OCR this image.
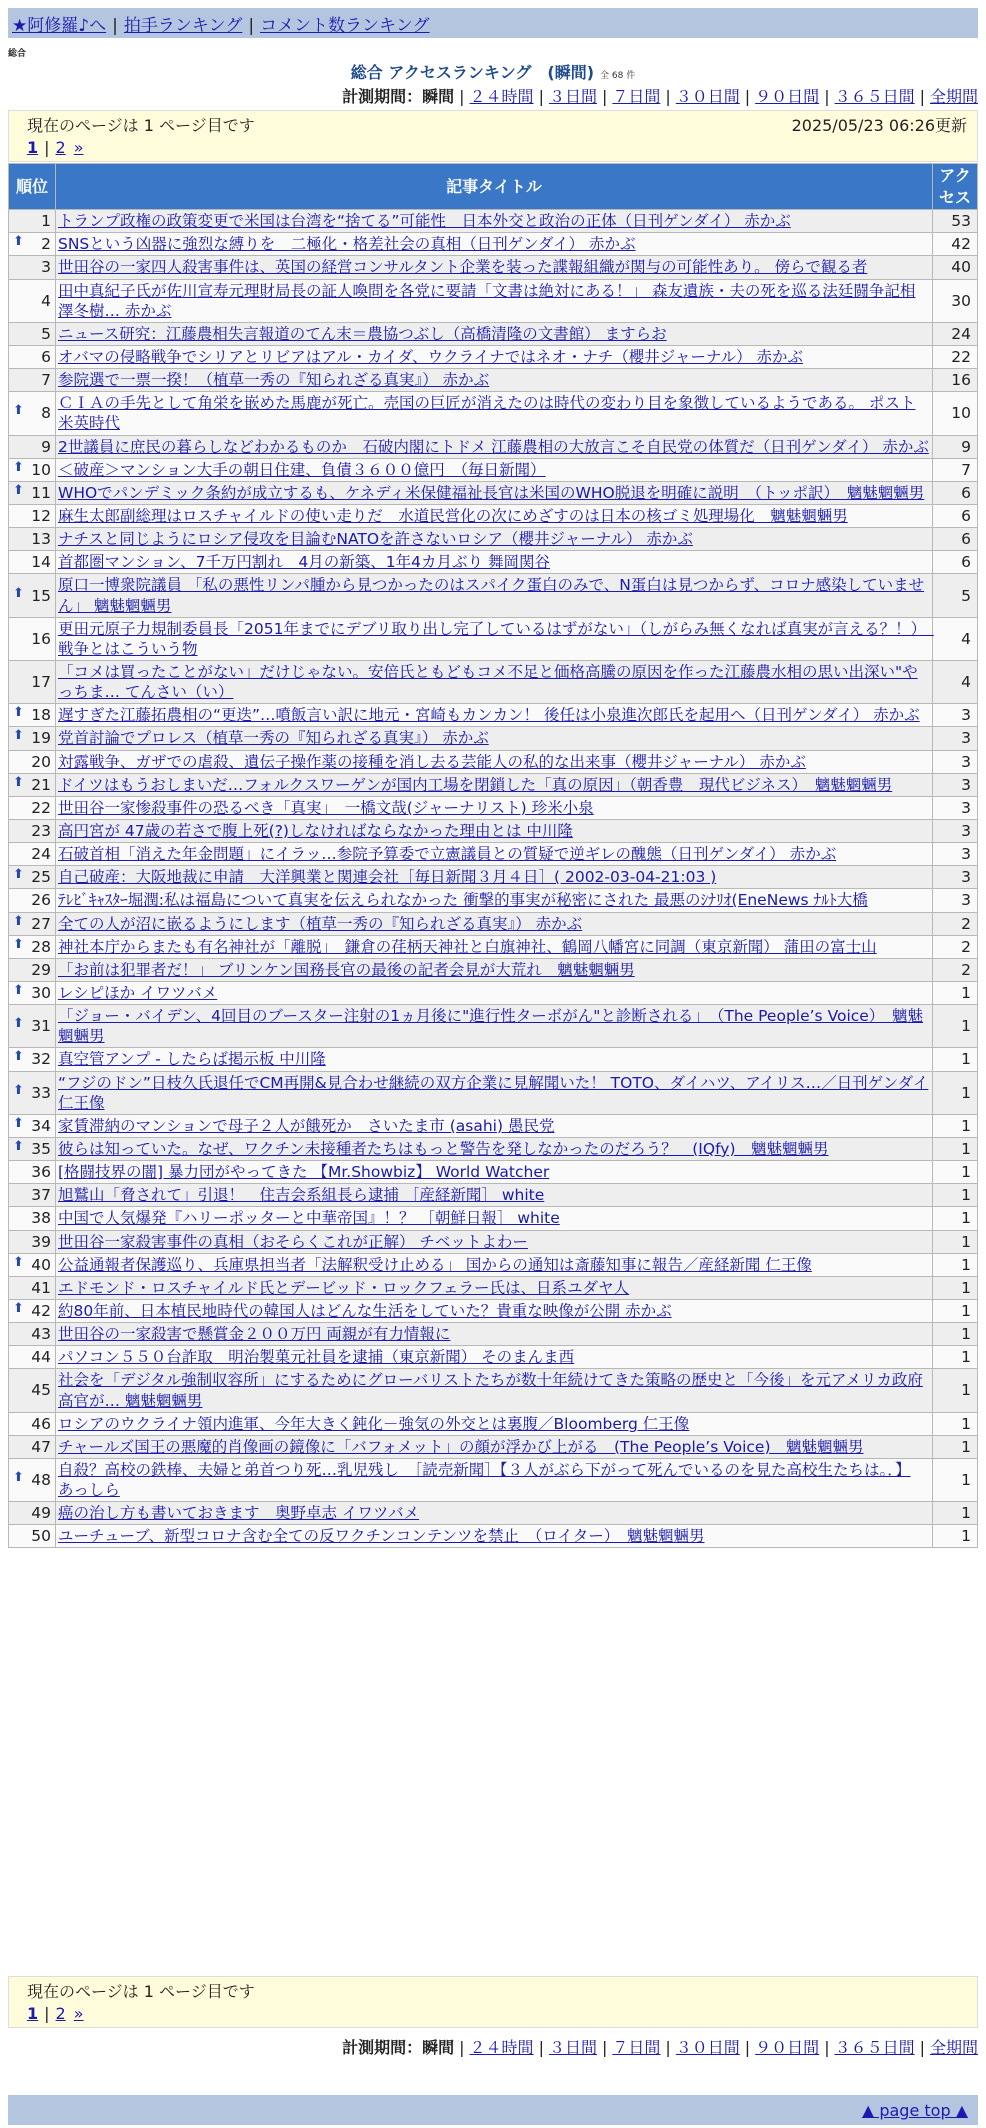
★阿修羅♪へ | 拍手ランキング | コメント数ランキング
総合
総合 アクセスランキング　(瞬間) 全 68 件
計測期間：瞬間 | ２４時間 | ３日間 | ７日間 | ３０日間 | ９０日間 | ３６５日間 | 全期間
現在のページは 1 ページ目です	2025/05/23 06:26更新
1 | 2 »
順位	記事タイトル	アクセス
1	トランプ政権の政策変更で米国は台湾を“捨てる”可能性　日本外交と政治の正体（日刊ゲンダイ） 赤かぶ	53

⬆ 2	SNSという凶器に強烈な縛りを　二極化・格差社会の真相（日刊ゲンダイ） 赤かぶ	42
3	世田谷の一家四人殺害事件は、英国の経営コンサルタント企業を装った諜報組織が関与の可能性あり。 傍らで観る者	40
4	田中真紀子氏が佐川宣寿元理財局長の証人喚問を各党に要請「文書は絶対にある！」 森友遺族・夫の死を巡る法廷闘争記相澤冬樹… 赤かぶ	30
5	ニュース研究：江藤農相失言報道のてん末＝農協つぶし（高橋清隆の文書館） ますらお	24
6	オバマの侵略戦争でシリアとリビアはアル・カイダ、ウクライナではネオ・ナチ（櫻井ジャーナル） 赤かぶ	22
7	参院選で一票一揆！（植草一秀の『知られざる真実』） 赤かぶ	16

⬆ 8	ＣＩＡの手先として角栄を嵌めた馬鹿が死亡。売国の巨匠が消えたのは時代の変わり目を象徴しているようである。 ポスト米英時代	10
9	2世議員に庶民の暮らしなどわかるものか　石破内閣にトドメ 江藤農相の大放言こそ自民党の体質だ（日刊ゲンダイ） 赤かぶ	9

⬆ 10	＜破産＞マンション大手の朝日住建、負債３６００億円　（毎日新聞）	7

⬆ 11	WHOでパンデミック条約が成立するも、ケネディ米保健福祉長官は米国のWHO脱退を明確に説明　（トッポ訳）　魑魅魍魎男	6
12	麻生太郎副総理はロスチャイルドの使い走りだ　水道民営化の次にめざすのは日本の核ゴミ処理場化　魑魅魍魎男	6
13	ナチスと同じようにロシア侵攻を目論むNATOを許さないロシア（櫻井ジャーナル） 赤かぶ	6
14	首都圏マンション、7千万円割れ　4月の新築、1年4カ月ぶり 舞岡関谷	6

⬆ 15	原口一博衆院議員 「私の悪性リンパ腫から見つかったのはスパイク蛋白のみで、N蛋白は見つからず、コロナ感染していません」 魑魅魍魎男	5
16	更田元原子力規制委員長「2051年までにデブリ取り出し完了しているはずがない」（しがらみ無くなれば真実が言える？！）　戦争とはこういう物	4
17	「コメは買ったことがない」だけじゃない。安倍氏ともどもコメ不足と価格高騰の原因を作った江藤農水相の思い出深い"やっちま… てんさい（い）	4

⬆ 18	遅すぎた江藤拓農相の“更迭”…噴飯言い訳に地元・宮崎もカンカン！ 後任は小泉進次郎氏を起用へ（日刊ゲンダイ） 赤かぶ	3

⬆ 19	党首討論でプロレス（植草一秀の『知られざる真実』） 赤かぶ	3
20	対露戦争、ガザでの虐殺、遺伝子操作薬の接種を消し去る芸能人の私的な出来事（櫻井ジャーナル） 赤かぶ	3

⬆ 21	ドイツはもうおしまいだ…フォルクスワーゲンが国内工場を閉鎖した「真の原因」（朝香豊　現代ビジネス）　魑魅魍魎男	3
22	世田谷一家惨殺事件の恐るべき「真実」　一橋文哉(ジャーナリスト) 珍米小泉	3
23	高円宮が 47歳の若さで腹上死(?)しなければならなかった理由とは 中川隆	3
24	石破首相「消えた年金問題」にイラッ…参院予算委で立憲議員との質疑で逆ギレの醜態（日刊ゲンダイ） 赤かぶ	3

⬆ 25	自己破産：大阪地裁に申請　大洋興業と関連会社［毎日新聞３月４日］( 2002-03-04-21:03 )	3
26	ﾃﾚﾋﾞｷｬｽﾀｰ堀潤:私は福島について真実を伝えられなかった 衝撃的事実が秘密にされた 最悪のｼﾅﾘｵ(EneNews ﾅﾙﾄ大橋	3

⬆ 27	全ての人が沼に嵌るようにします（植草一秀の『知られざる真実』） 赤かぶ	2

⬆ 28	神社本庁からまたも有名神社が「離脱」　鎌倉の荏柄天神社と白旗神社、鶴岡八幡宮に同調（東京新聞） 蒲田の富士山	2
29	「お前は犯罪者だ！」 ブリンケン国務長官の最後の記者会見が大荒れ　魑魅魍魎男	2

⬆ 30	レシピほか イワツバメ	1

⬆ 31	「ジョー・バイデン、4回目のブースター注射の1ヵ月後に"進行性ターボがん"と診断される」　（The People’s Voice）　魑魅魍魎男	1

⬆ 32	真空管アンプ - したらば掲示板 中川隆	1

⬆ 33	“フジのドン”日枝久氏退任でCM再開&見合わせ継続の双方企業に見解聞いた！ TOTO、ダイハツ、アイリス…／日刊ゲンダイ 仁王像	1

⬆ 34	家賃滞納のマンションで母子２人が餓死か　さいたま市 (asahi) 愚民党	1

⬆ 35	彼らは知っていた。なぜ、ワクチン未接種者たちはもっと警告を発しなかったのだろう？　(IQfy)　魑魅魍魎男	1
36	[格闘技界の闇] 暴力団がやってきた 【Mr.Showbiz】 World Watcher	1
37	旭鷲山「脅されて」引退！　住吉会系組長ら逮捕 ［産経新聞］ white	1
38	中国で人気爆発『ハリーポッターと中華帝国』！？ ［朝鮮日報］ white	1
39	世田谷一家殺害事件の真相（おそらくこれが正解） チベットよわー	1

⬆ 40	公益通報者保護巡り、兵庫県担当者「法解釈受け止める」 国からの通知は斎藤知事に報告／産経新聞 仁王像	1
41	エドモンド・ロスチャイルド氏とデービッド・ロックフェラー氏は、日系ユダヤ人	1

⬆ 42	約80年前、日本植民地時代の韓国人はどんな生活をしていた？貴重な映像が公開 赤かぶ	1
43	世田谷の一家殺害で懸賞金２００万円 両親が有力情報に	1
44	パソコン５５０台詐取　明治製菓元社員を逮捕（東京新聞） そのまんま西	1
45	社会を「デジタル強制収容所」にするためにグローバリストたちが数十年続けてきた策略の歴史と「今後」を元アメリカ政府高官が… 魑魅魍魎男	1
46	ロシアのウクライナ領内進軍、今年大きく鈍化－強気の外交とは裏腹／Bloomberg 仁王像	1
47	チャールズ国王の悪魔的肖像画の鏡像に「バフォメット」の顔が浮かび上がる　(The People’s Voice)　魑魅魍魎男	1

⬆ 48	自殺？高校の鉄棒、夫婦と弟首つり死…乳児残し　［読売新聞］【３人がぶら下がって死んでいるのを見た高校生たちは。．】 あっしら	1
49	癌の治し方も書いておきます　奥野卓志 イワツバメ	1
50	ユーチューブ、新型コロナ含む全ての反ワクチンコンテンツを禁止　（ロイター）　魑魅魍魎男	1
現在のページは 1 ページ目です
1 | 2 »
計測期間：瞬間 | ２４時間 | ３日間 | ７日間 | ３０日間 | ９０日間 | ３６５日間 | 全期間
▲ page top ▲
